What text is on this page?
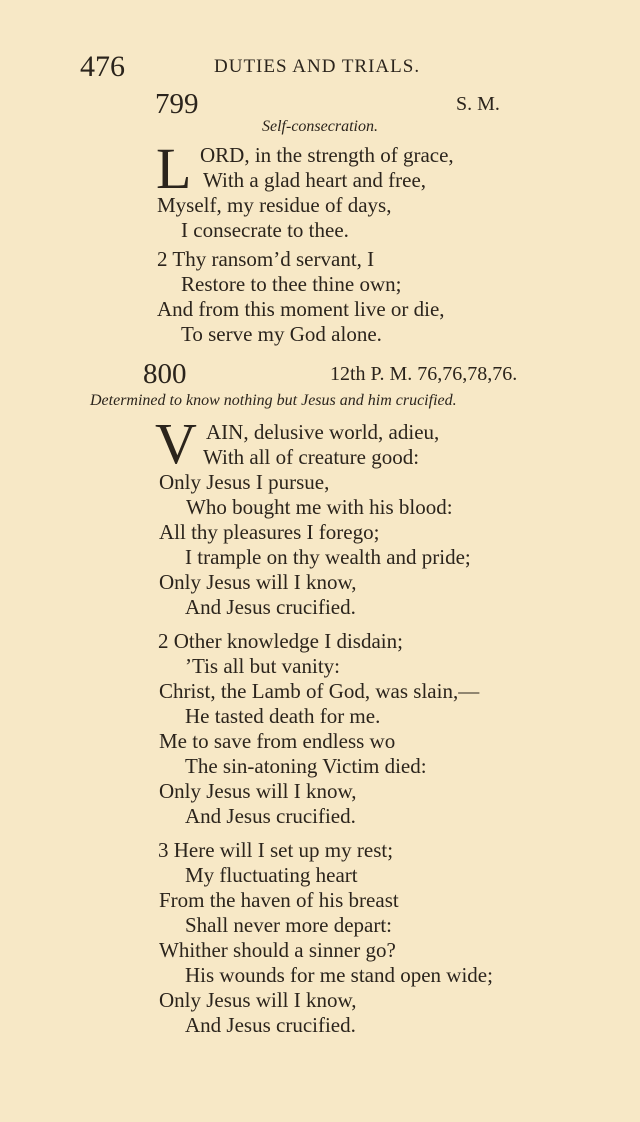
476	DUTIES AND TRIALS.
799	S. M.
Self-consecration.
L ORD, in the strength of grace,
With a glad heart and free,
Myself, my residue of days,
I consecrate to thee.
2 Thy ransom’d servant, I
Restore to thee thine own;
And from this moment live or die,
To serve my God alone.
800	12th P. M. 76,76,78,76.
Determined to know nothing but Jesus and him crucified.
V AIN, delusive world, adieu,
With all of creature good:
Only Jesus I pursue,
Who bought me with his blood:
All thy pleasures I forego;
I trample on thy wealth and pride;
Only Jesus will I know,
And Jesus crucified.
2 Other knowledge I disdain;
’Tis all but vanity:
Christ, the Lamb of God, was slain,—
He tasted death for me.
Me to save from endless wo
The sin-atoning Victim died:
Only Jesus will I know,
And Jesus crucified.
3 Here will I set up my rest;
My fluctuating heart
From the haven of his breast
Shall never more depart:
Whither should a sinner go?
His wounds for me stand open wide;
Only Jesus will I know,
And Jesus crucified.
